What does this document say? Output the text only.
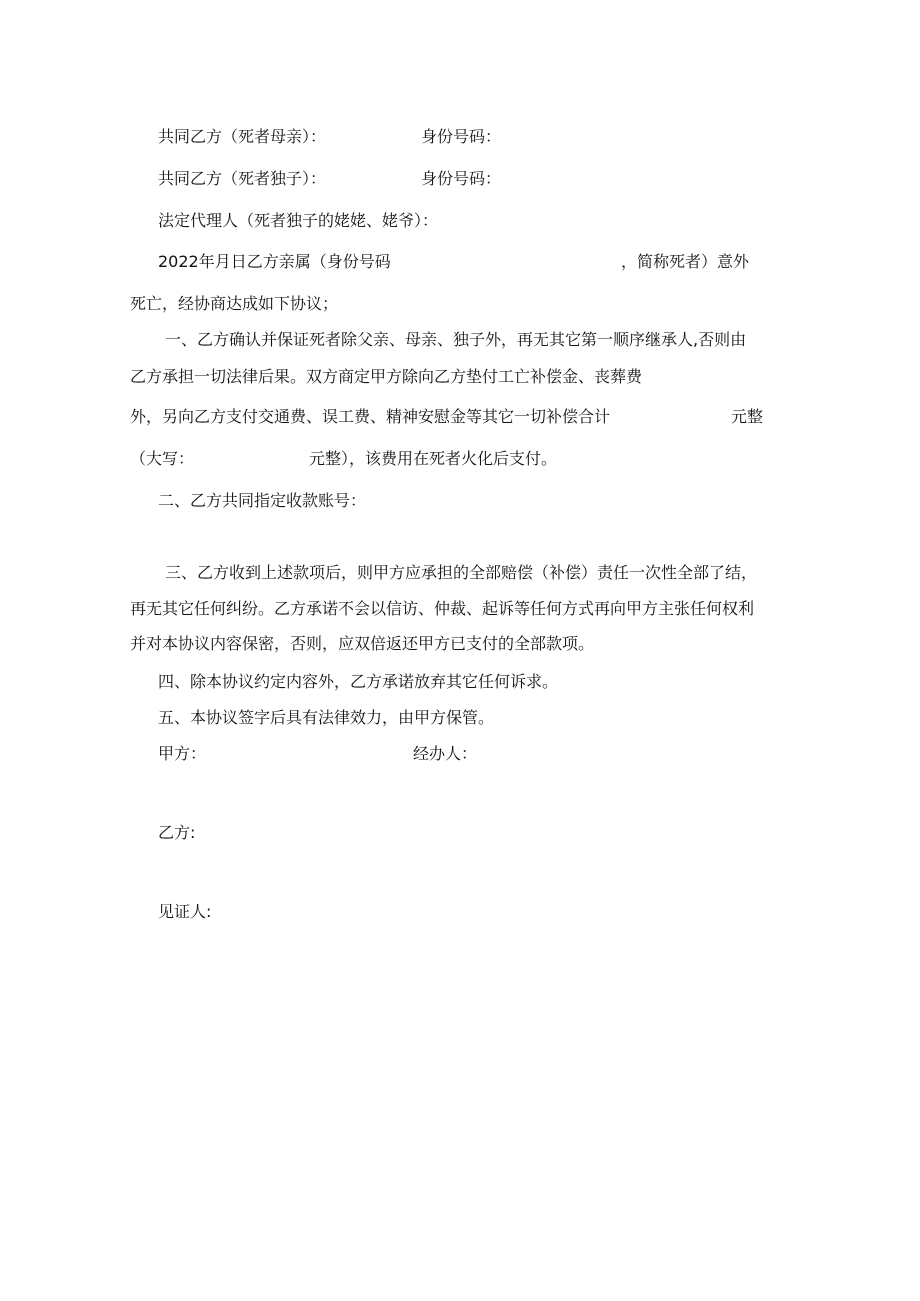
共同乙方（死者母亲）：	身份号码：
共同乙方（死者独子）：	身份号码：
法定代理人（死者独子的姥姥、姥爷）：
2022年月日乙方亲属（身份号码	，简称死者）意外
死亡，经协商达成如下协议；
一、乙方确认并保证死者除父亲、母亲、独子外，再无其它第一顺序继承人,否则由
乙方承担一切法律后果。双方商定甲方除向乙方垫付工亡补偿金、丧葬费
外，另向乙方支付交通费、误工费、精神安慰金等其它一切补偿合计	元整
（大写：	元整），该费用在死者火化后支付。
二、乙方共同指定收款账号：
三、乙方收到上述款项后，则甲方应承担的全部赔偿（补偿）责任一次性全部了结，
再无其它任何纠纷。乙方承诺不会以信访、仲裁、起诉等任何方式再向甲方主张任何权利
并对本协议内容保密，否则，应双倍返还甲方已支付的全部款项。
四、除本协议约定内容外，乙方承诺放弃其它任何诉求。
五、本协议签字后具有法律效力，由甲方保管。
甲方：	经办人：
乙方:
见证人:
